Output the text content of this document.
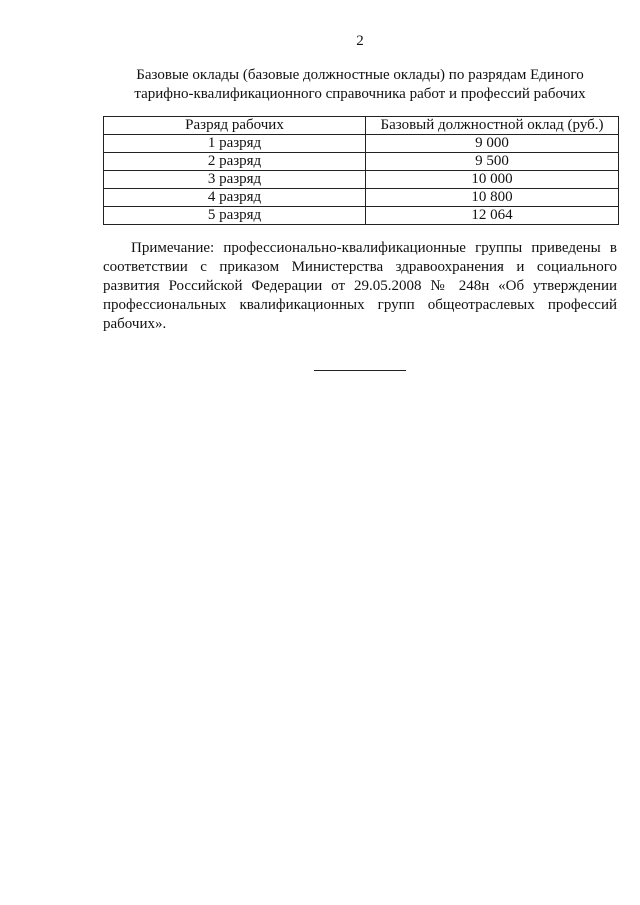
2
Базовые оклады (базовые должностные оклады) по разрядам Единого
тарифно-квалификационного справочника работ и профессий рабочих
Разряд рабочих	Базовый должностной оклад (руб.)
1 разряд	9 000
2 разряд	9 500
3 разряд	10 000
4 разряд	10 800
5 разряд	12 064
Примечание: профессионально-квалификационные группы приведены в соответствии с приказом Министерства здравоохранения и социального развития Российской Федерации от 29.05.2008 № 248н «Об утверждении профессиональных квалификационных групп общеотраслевых профессий рабочих».
